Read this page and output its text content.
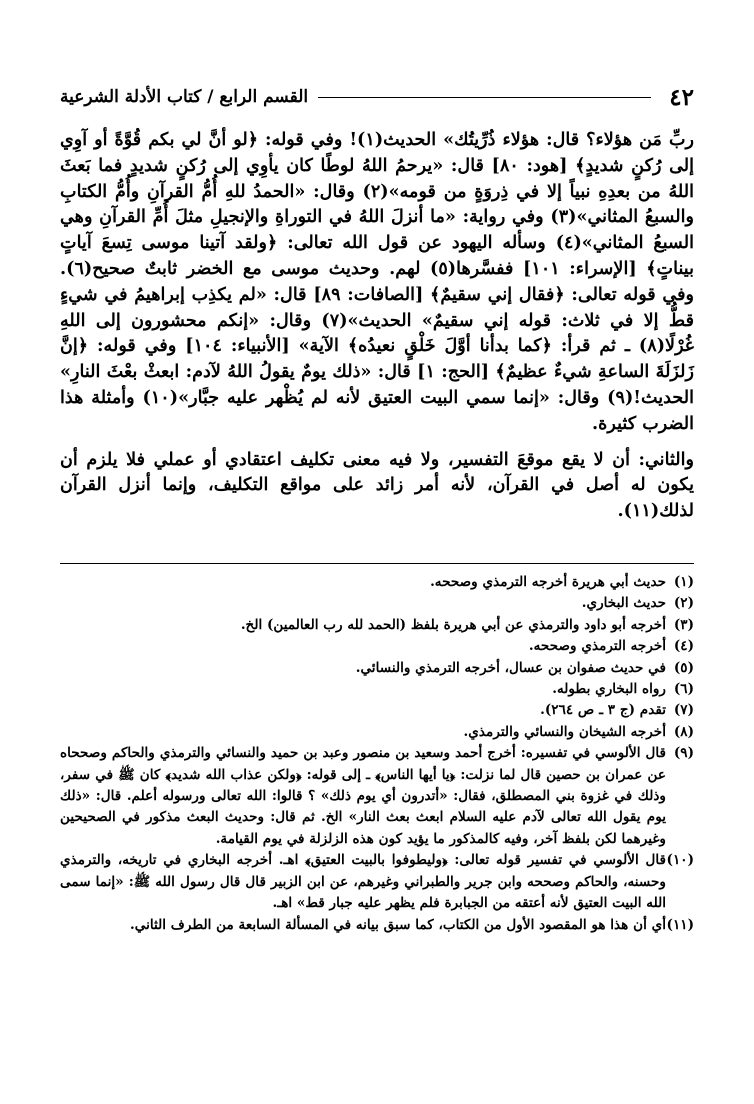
٤٢
القسم الرابع / كتاب الأدلة الشرعية

ربِّ مَن هؤلاء؟ قال: هؤلاء ذُرِّيتُك» الحديث(١)! وفي قوله: ﴿لو أنَّ لي بكم قُوَّةً أو آوِي إلى رُكنٍ شديدٍ﴾ [هود: ٨٠] قال: «يرحمُ اللهُ لوطًا كان يأوِي إلى رُكنٍ شديدٍ فما بَعثَ اللهُ من بعدِهِ نبياً إلا في ذِروَةٍ من قومه»(٢) وقال: «الحمدُ للهِ أُمُّ القرآنِ وأُمُّ الكتابِ والسبعُ المثاني»(٣) وفي رواية: «ما أنزلَ اللهُ في التوراةِ والإنجيلِ مثلَ أُمِّ القرآنِ وهي السبعُ المثاني»(٤) وسأله اليهود عن قول الله تعالى: ﴿ولقد آتينا موسى تِسعَ آياتٍ بيناتٍ﴾ [الإسراء: ١٠١] ففسَّرها(٥) لهم. وحديث موسى مع الخضر ثابتٌ صحيح(٦). وفي قوله تعالى: ﴿فقال إني سقيمٌ﴾ [الصافات: ٨٩] قال: «لم يكذِب إبراهيمُ في شيءٍ قطُّ إلا في ثلاث: قوله إني سقيمٌ» الحديث»(٧) وقال: «إنكم محشورون إلى اللهِ غُرْلًا(٨) ـ ثم قرأ: ﴿كما بدأنا أوَّلَ خَلْقٍ نعيدُه﴾ الآية» [الأنبياء: ١٠٤] وفي قوله: ﴿إنَّ زَلزَلَةَ الساعةِ شيءٌ عظيمٌ﴾ [الحج: ١] قال: «ذلك يومٌ يقولُ اللهُ لآدم: ابعثْ بعْثَ النارِ» الحديث!(٩) وقال: «إنما سمي البيت العتيق لأنه لم يُظْهر عليه جبَّار»(١٠) وأمثلة هذا الضرب كثيرة.

والثاني: أن لا يقع موقعَ التفسير، ولا فيه معنى تكليف اعتقادي أو عملي فلا يلزم أن يكون له أصل في القرآن، لأنه أمر زائد على مواقع التكليف، وإنما أنزل القرآن لذلك(١١).

(١)
حديث أبي هريرة أخرجه الترمذي وصححه.
(٢)
حديث البخاري.
(٣)
أخرجه أبو داود والترمذي عن أبي هريرة بلفظ (الحمد لله رب العالمين) الخ.
(٤)
أخرجه الترمذي وصححه.
(٥)
في حديث صفوان بن عسال، أخرجه الترمذي والنسائي.
(٦)
رواه البخاري بطوله.
(٧)
تقدم (ج ٣ ـ ص ٢٦٤).
(٨)
أخرجه الشيخان والنسائي والترمذي.
(٩)
قال الألوسي في تفسيره: أخرج أحمد وسعيد بن منصور وعبد بن حميد والنسائي والترمذي والحاكم وصححاه عن عمران بن حصين قال لما نزلت: ﴿يا أيها الناس﴾ ـ إلى قوله: ﴿ولكن عذاب الله شديد﴾ كان ﷺ في سفر، وذلك في غزوة بني المصطلق، فقال: «أتدرون أي يوم ذلك» ؟ قالوا: الله تعالى ورسوله أعلم. قال: «ذلك يوم يقول الله تعالى لآدم عليه السلام ابعث بعث النار» الخ. ثم قال: وحديث البعث مذكور في الصحيحين وغيرهما لكن بلفظ آخر، وفيه كالمذكور ما يؤيد كون هذه الزلزلة في يوم القيامة.
(١٠)
قال الألوسي في تفسير قوله تعالى: ﴿وليطوفوا بالبيت العتيق﴾ اهـ. أخرجه البخاري في تاريخه، والترمذي وحسنه، والحاكم وصححه وابن جرير والطبراني وغيرهم، عن ابن الزبير قال قال رسول الله ﷺ: «إنما سمى الله البيت العتيق لأنه أعتقه من الجبابرة فلم يظهر عليه جبار قط» اهـ.
(١١)
أي أن هذا هو المقصود الأول من الكتاب، كما سبق بيانه في المسألة السابعة من الطرف الثاني.
